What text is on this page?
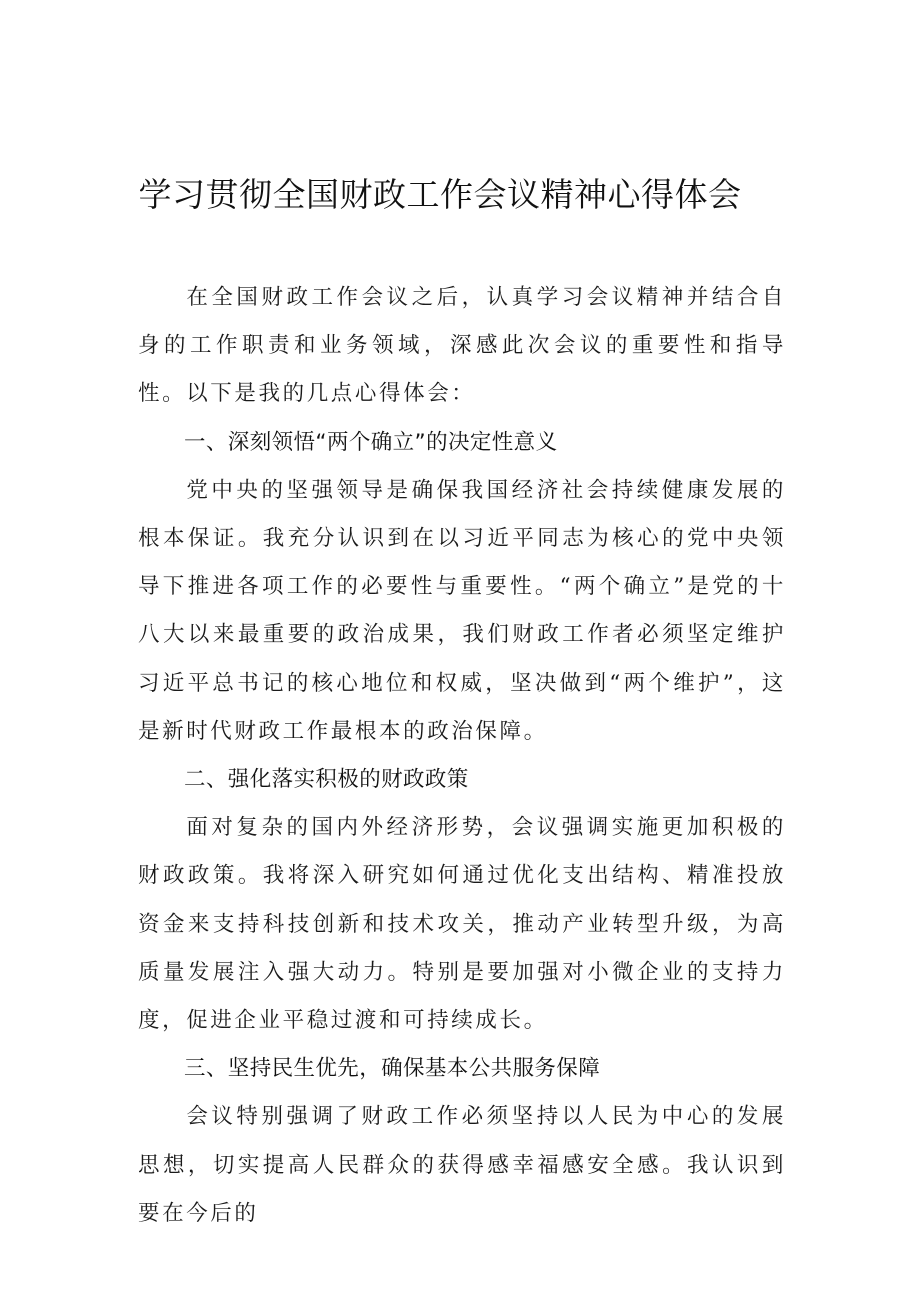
学习贯彻全国财政工作会议精神心得体会

在全国财政工作会议之后，认真学习会议精神并结合自身的工作职责和业务领域，深感此次会议的重要性和指导性。以下是我的几点心得体会：

一、深刻领悟“两个确立”的决定性意义

党中央的坚强领导是确保我国经济社会持续健康发展的根本保证。我充分认识到在以习近平同志为核心的党中央领导下推进各项工作的必要性与重要性。“两个确立”是党的十八大以来最重要的政治成果，我们财政工作者必须坚定维护习近平总书记的核心地位和权威，坚决做到“两个维护”，这是新时代财政工作最根本的政治保障。

二、强化落实积极的财政政策

面对复杂的国内外经济形势，会议强调实施更加积极的财政政策。我将深入研究如何通过优化支出结构、精准投放资金来支持科技创新和技术攻关，推动产业转型升级，为高质量发展注入强大动力。特别是要加强对小微企业的支持力度，促进企业平稳过渡和可持续成长。

三、坚持民生优先，确保基本公共服务保障

会议特别强调了财政工作必须坚持以人民为中心的发展思想，切实提高人民群众的获得感幸福感安全感。我认识到要在今后的
